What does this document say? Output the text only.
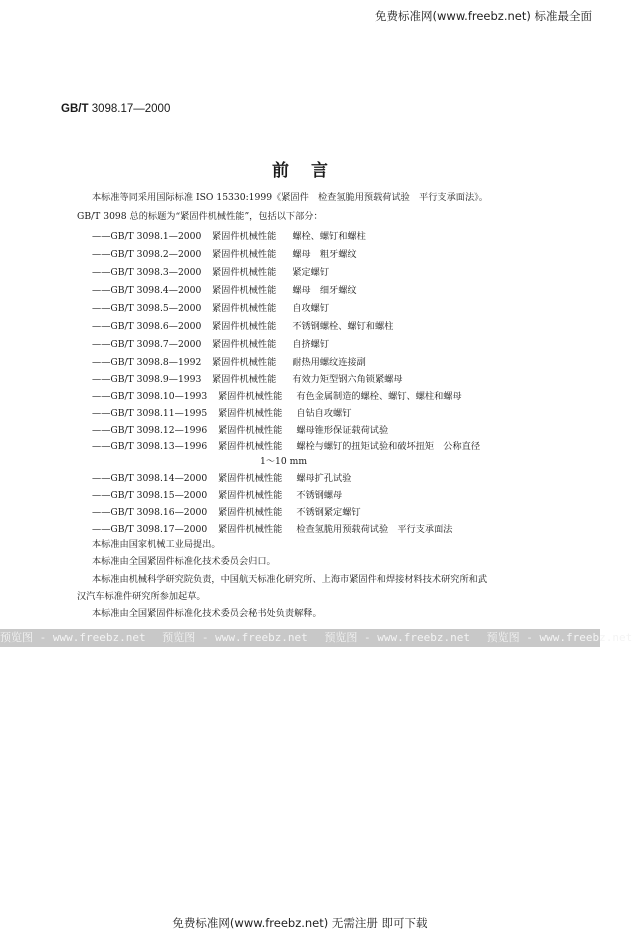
免费标准网(www.freebz.net) 标准最全面
GB/T 3098.17—2000
前言
本标准等同采用国际标准 ISO 15330:1999《紧固件　检查氢脆用预载荷试验　平行支承面法》。
GB/T 3098 总的标题为“紧固件机械性能”，包括以下部分：
——GB/T 3098.1—2000 紧固件机械性能 螺栓、螺钉和螺柱
——GB/T 3098.2—2000 紧固件机械性能 螺母　粗牙螺纹
——GB/T 3098.3—2000 紧固件机械性能 紧定螺钉
——GB/T 3098.4—2000 紧固件机械性能 螺母　细牙螺纹
——GB/T 3098.5—2000 紧固件机械性能 自攻螺钉
——GB/T 3098.6—2000 紧固件机械性能 不锈钢螺栓、螺钉和螺柱
——GB/T 3098.7—2000 紧固件机械性能 自挤螺钉
——GB/T 3098.8—1992 紧固件机械性能 耐热用螺纹连接副
——GB/T 3098.9—1993 紧固件机械性能 有效力矩型钢六角锁紧螺母
——GB/T 3098.10—1993 紧固件机械性能 有色金属制造的螺栓、螺钉、螺柱和螺母
——GB/T 3098.11—1995 紧固件机械性能 自钻自攻螺钉
——GB/T 3098.12—1996 紧固件机械性能 螺母锥形保证载荷试验
——GB/T 3098.13—1996 紧固件机械性能 螺栓与螺钉的扭矩试验和破坏扭矩　公称直径
1～10 mm
——GB/T 3098.14—2000 紧固件机械性能 螺母扩孔试验
——GB/T 3098.15—2000 紧固件机械性能 不锈钢螺母
——GB/T 3098.16—2000 紧固件机械性能 不锈钢紧定螺钉
——GB/T 3098.17—2000 紧固件机械性能 检查氢脆用预载荷试验　平行支承面法
本标准由国家机械工业局提出。
本标准由全国紧固件标准化技术委员会归口。
本标准由机械科学研究院负责，中国航天标准化研究所、上海市紧固件和焊接材料技术研究所和武
汉汽车标准件研究所参加起草。
本标准由全国紧固件标准化技术委员会秘书处负责解释。
预览图 - www.freebz.net 预览图 - www.freebz.net 预览图 - www.freebz.net 预览图 - www.freebz.net
免费标准网(www.freebz.net) 无需注册 即可下载
